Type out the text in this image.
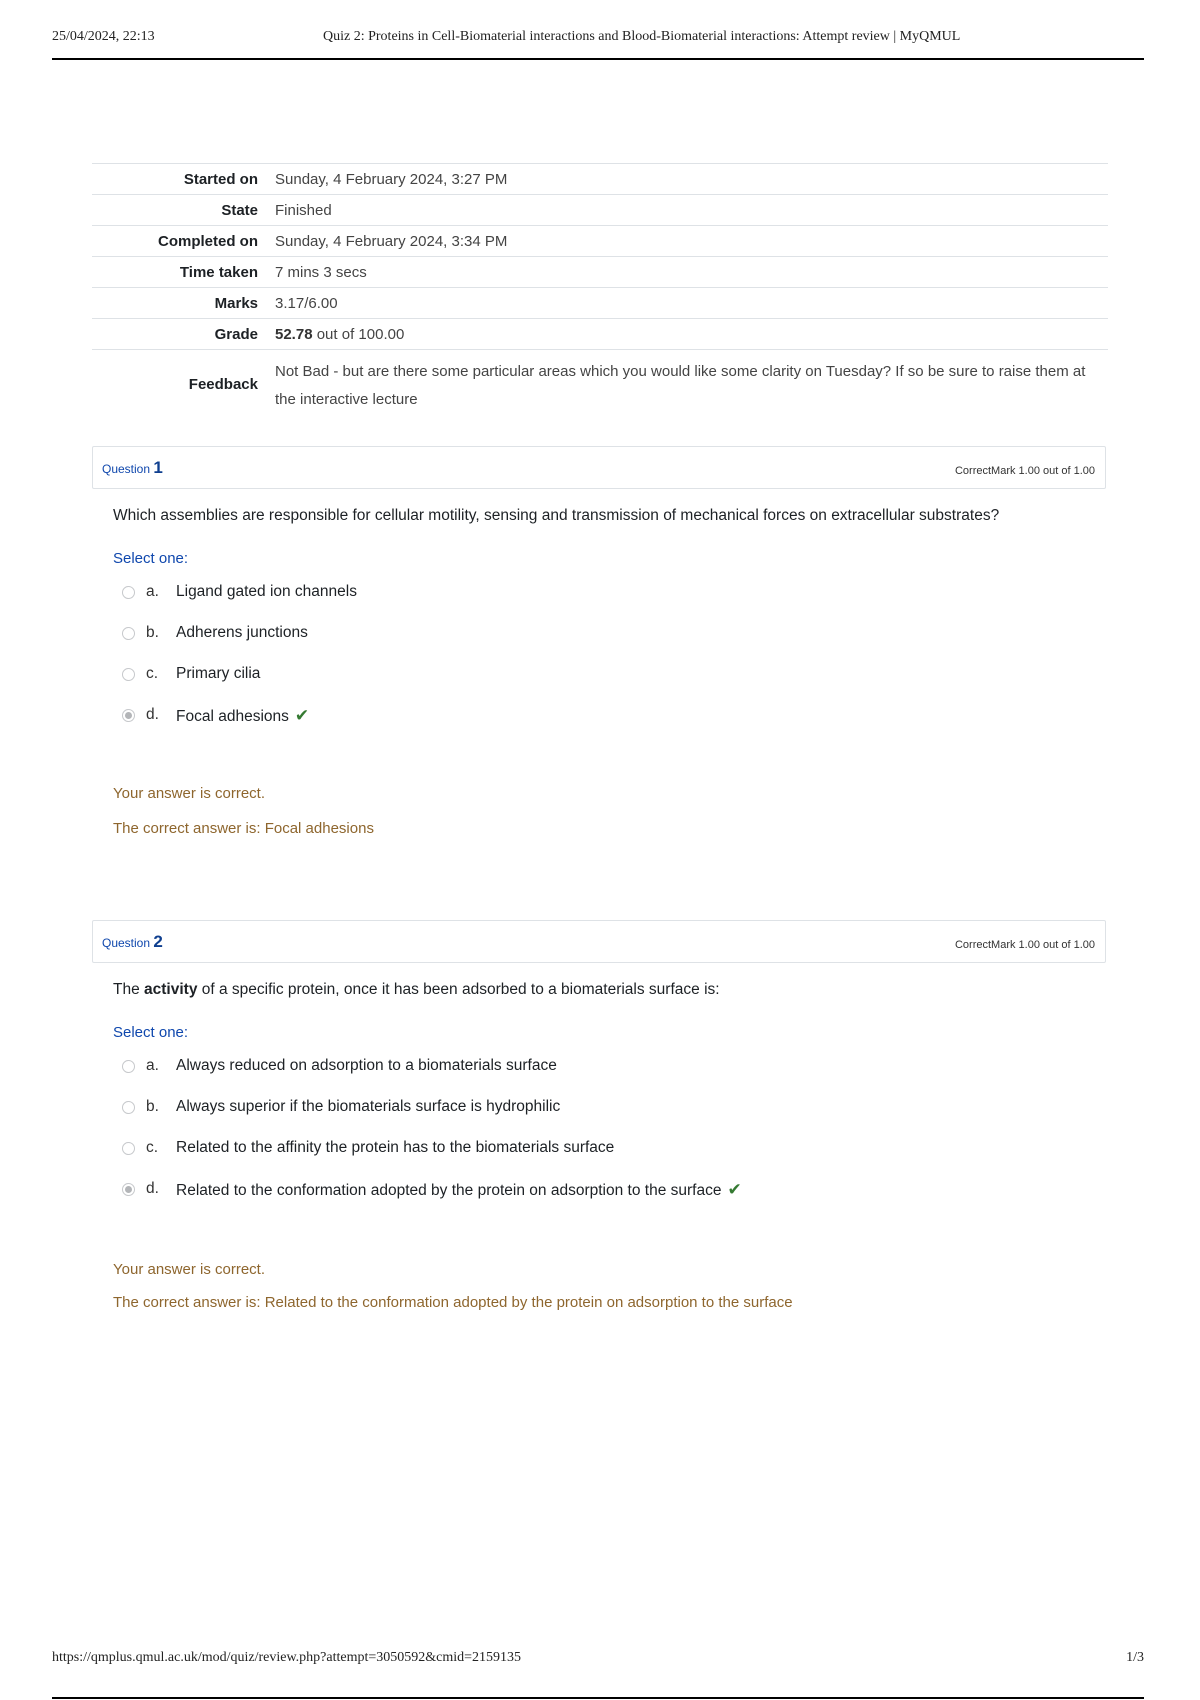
25/04/2024, 22:13	Quiz 2: Proteins in Cell-Biomaterial interactions and Blood-Biomaterial interactions: Attempt review | MyQMUL
Started on	Sunday, 4 February 2024, 3:27 PM
State	Finished
Completed on	Sunday, 4 February 2024, 3:34 PM
Time taken	7 mins 3 secs
Marks	3.17/6.00
Grade	52.78 out of 100.00
Feedback	Not Bad - but are there some particular areas which you would like some clarity on Tuesday? If so be sure to raise them at the interactive lecture
Question 1	CorrectMark 1.00 out of 1.00
Which assemblies are responsible for cellular motility, sensing and transmission of mechanical forces on extracellular substrates?
Select one:
a. Ligand gated ion channels
b. Adherens junctions
c. Primary cilia
d. Focal adhesions ✔
Your answer is correct.
The correct answer is: Focal adhesions
Question 2	CorrectMark 1.00 out of 1.00
The activity of a specific protein, once it has been adsorbed to a biomaterials surface is:
Select one:
a. Always reduced on adsorption to a biomaterials surface
b. Always superior if the biomaterials surface is hydrophilic
c. Related to the affinity the protein has to the biomaterials surface
d. Related to the conformation adopted by the protein on adsorption to the surface ✔
Your answer is correct.
The correct answer is: Related to the conformation adopted by the protein on adsorption to the surface
https://qmplus.qmul.ac.uk/mod/quiz/review.php?attempt=3050592&cmid=2159135	1/3
